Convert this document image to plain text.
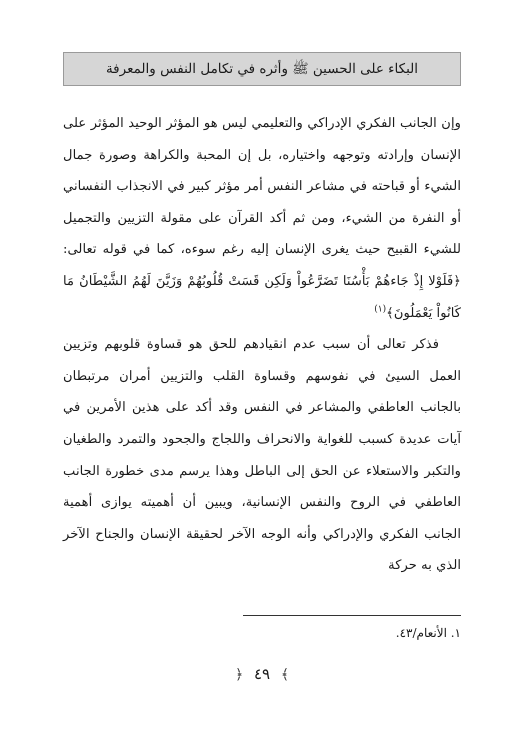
البكاء على الحسين ﷺ وأثره في تكامل النفس والمعرفة

وإن الجانب الفكري الإدراكي والتعليمي ليس هو المؤثر الوحيد المؤثر على الإنسان وإرادته وتوجهه واختياره، بل إن المحبة والكراهة وصورة جمال الشيء أو قباحته في مشاعر النفس أمر مؤثر كبير في الانجذاب النفساني أو النفرة من الشيء، ومن ثم أكد القرآن على مقولة التزيين والتجميل للشيء القبيح حيث يغرى الإنسان إليه رغم سوءه، كما في قوله تعالى: ﴿فَلَوْلا إِذْ جَاءهُمْ بَأْسُنَا تَضَرَّعُواْ وَلَكِن قَسَتْ قُلُوبُهُمْ وَزَيَّنَ لَهُمُ الشَّيْطَانُ مَا كَانُواْ يَعْمَلُونَ﴾$^{(١)}$

فذكر تعالى أن سبب عدم انقيادهم للحق هو قساوة قلوبهم وتزيين العمل السيئ في نفوسهم وقساوة القلب والتزيين أمران مرتبطان بالجانب العاطفي والمشاعر في النفس وقد أكد على هذين الأمرين في آيات عديدة كسبب للغواية والانحراف واللجاج والجحود والتمرد والطغيان والتكبر والاستعلاء عن الحق إلى الباطل وهذا يرسم مدى خطورة الجانب العاطفي في الروح والنفس الإنسانية، ويبين أن أهميته يوازى أهمية الجانب الفكري والإدراكي وأنه الوجه الآخر لحقيقة الإنسان والجناح الآخر الذي به حركة

١. الأنعام/٤٣.
﴾ ٤٩ ﴿
